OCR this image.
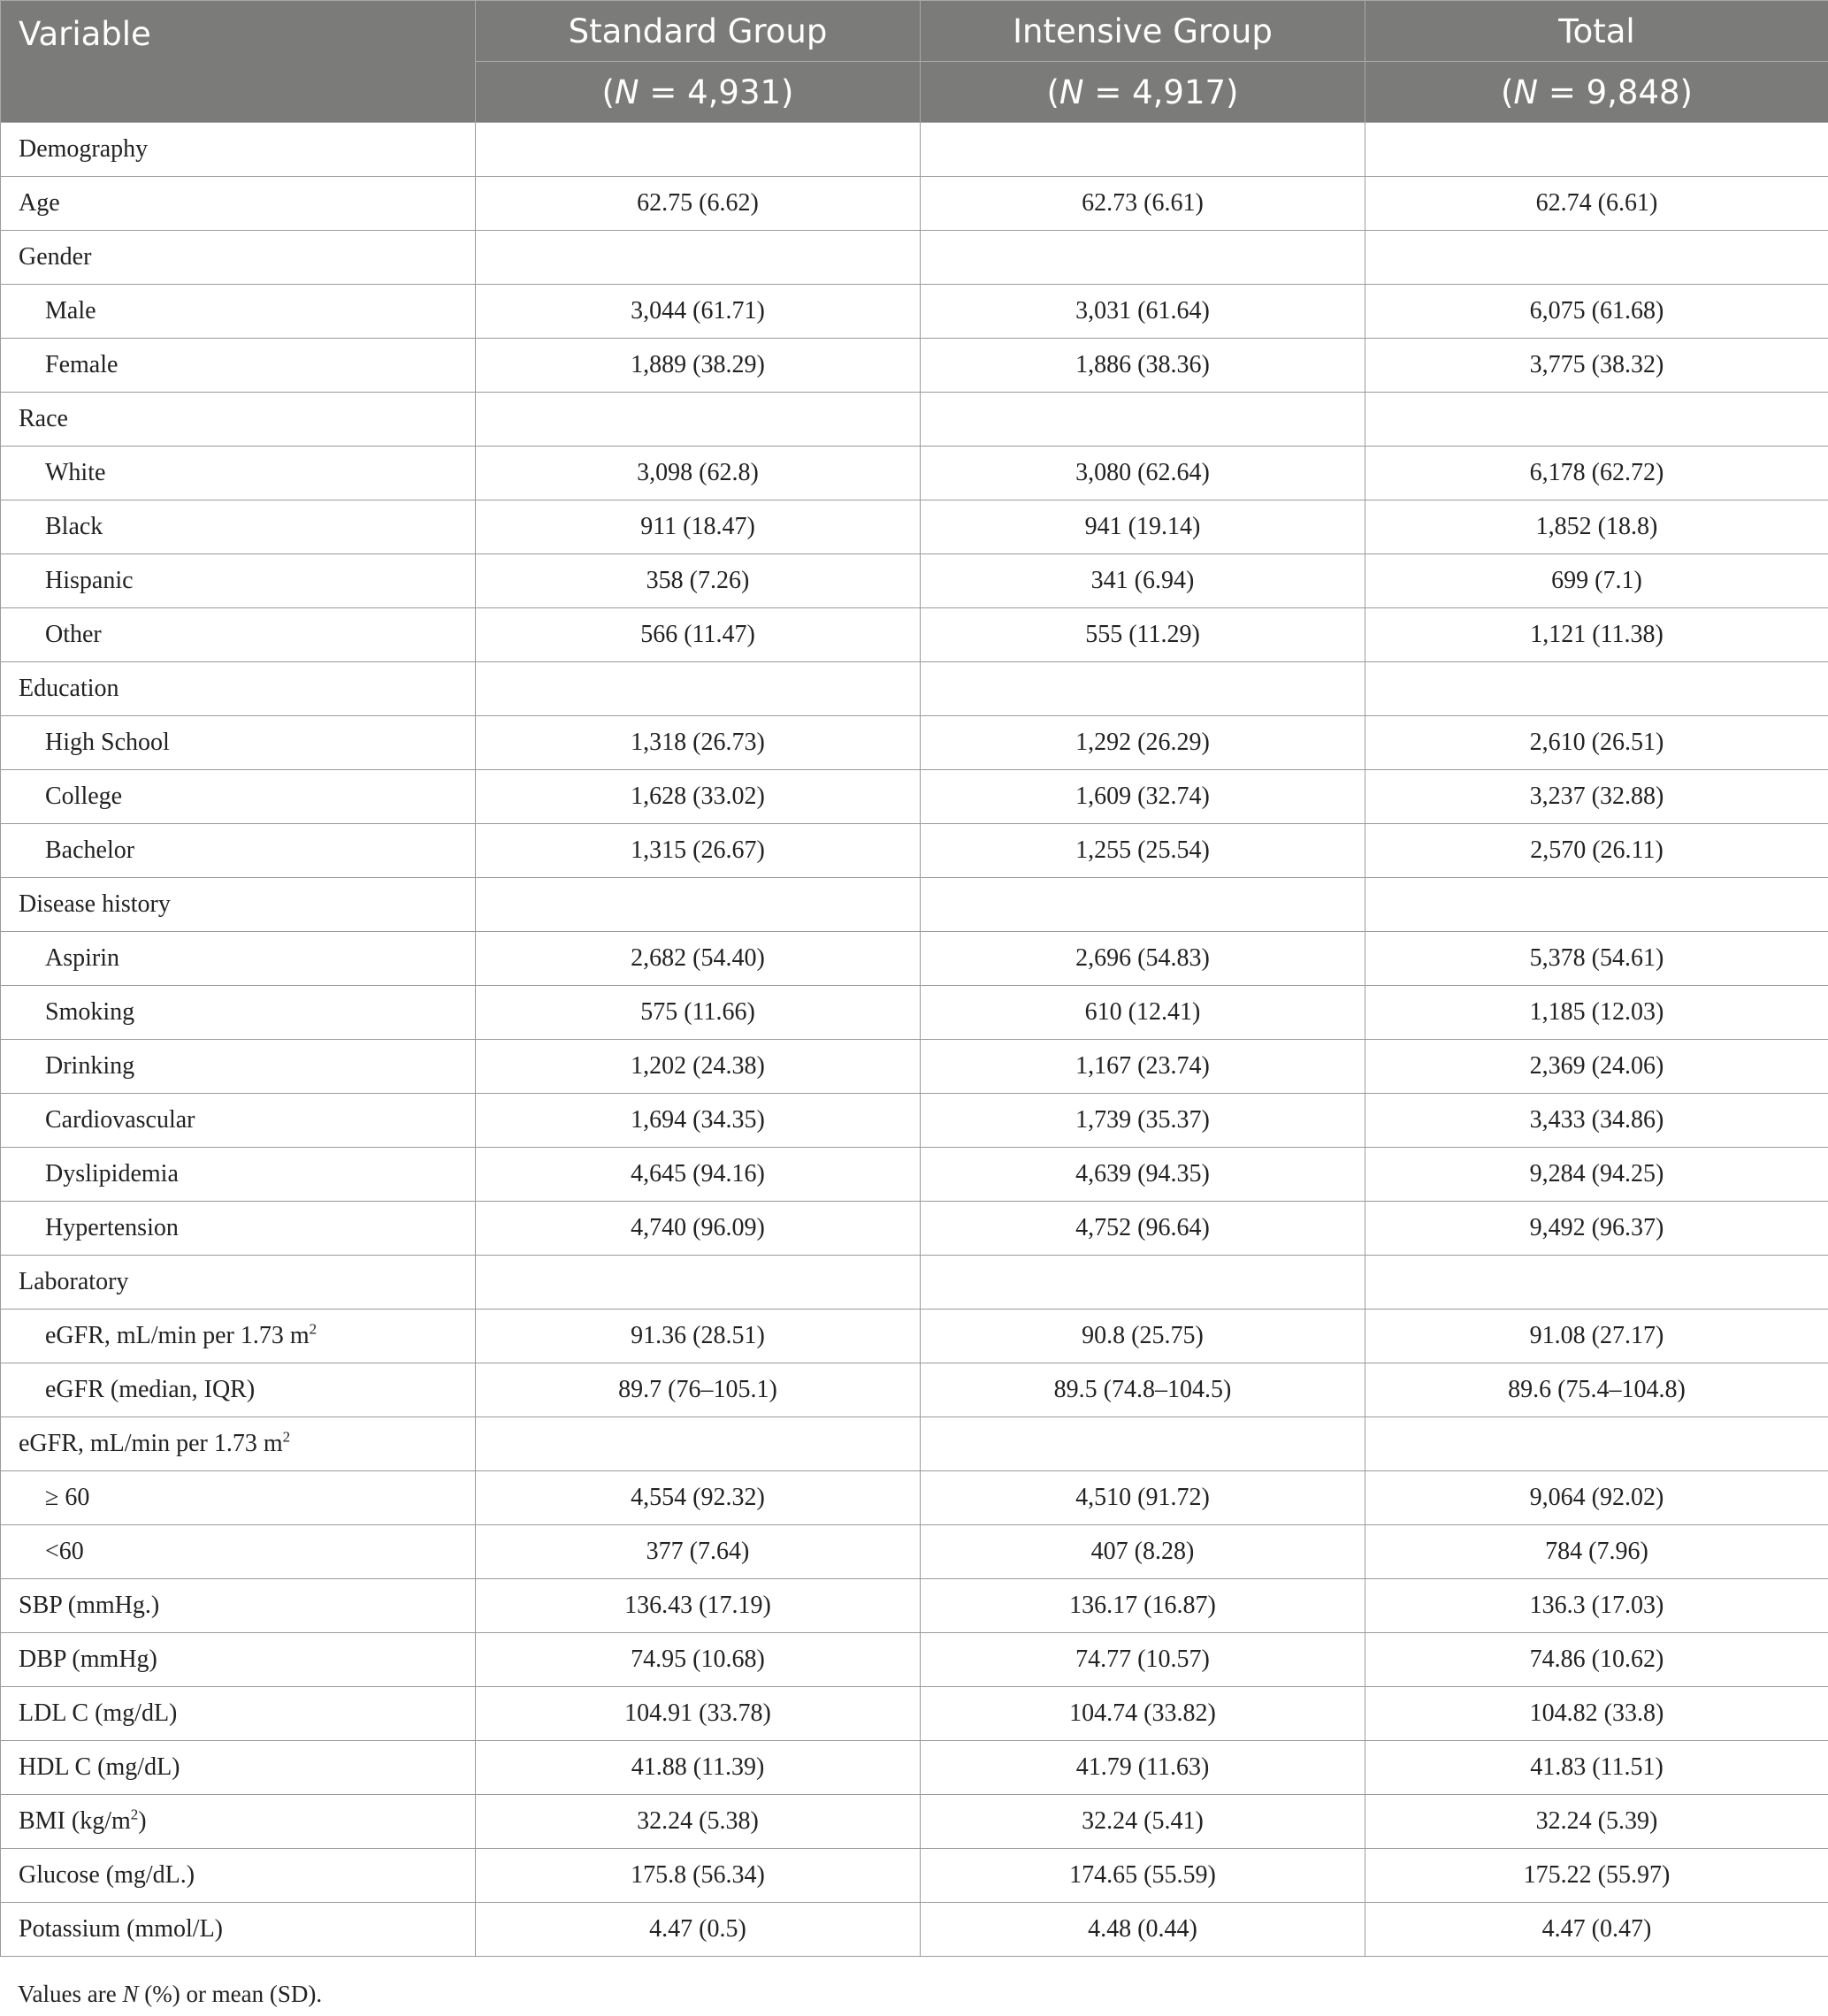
Variable	Standard Group	Intensive Group	Total
	(N = 4,931)	(N = 4,917)	(N = 9,848)
Demography			
Age	62.75 (6.62)	62.73 (6.61)	62.74 (6.61)
Gender			
Male	3,044 (61.71)	3,031 (61.64)	6,075 (61.68)
Female	1,889 (38.29)	1,886 (38.36)	3,775 (38.32)
Race			
White	3,098 (62.8)	3,080 (62.64)	6,178 (62.72)
Black	911 (18.47)	941 (19.14)	1,852 (18.8)
Hispanic	358 (7.26)	341 (6.94)	699 (7.1)
Other	566 (11.47)	555 (11.29)	1,121 (11.38)
Education			
High School	1,318 (26.73)	1,292 (26.29)	2,610 (26.51)
College	1,628 (33.02)	1,609 (32.74)	3,237 (32.88)
Bachelor	1,315 (26.67)	1,255 (25.54)	2,570 (26.11)
Disease history			
Aspirin	2,682 (54.40)	2,696 (54.83)	5,378 (54.61)
Smoking	575 (11.66)	610 (12.41)	1,185 (12.03)
Drinking	1,202 (24.38)	1,167 (23.74)	2,369 (24.06)
Cardiovascular	1,694 (34.35)	1,739 (35.37)	3,433 (34.86)
Dyslipidemia	4,645 (94.16)	4,639 (94.35)	9,284 (94.25)
Hypertension	4,740 (96.09)	4,752 (96.64)	9,492 (96.37)
Laboratory			
eGFR, mL/min per 1.73 $m^2$	91.36 (28.51)	90.8 (25.75)	91.08 (27.17)
eGFR (median, IQR)	89.7 (76–105.1)	89.5 (74.8–104.5)	89.6 (75.4–104.8)
eGFR, mL/min per 1.73 $m^2$			
≥ 60	4,554 (92.32)	4,510 (91.72)	9,064 (92.02)
<60	377 (7.64)	407 (8.28)	784 (7.96)
SBP (mmHg.)	136.43 (17.19)	136.17 (16.87)	136.3 (17.03)
DBP (mmHg)	74.95 (10.68)	74.77 (10.57)	74.86 (10.62)
LDL C (mg/dL)	104.91 (33.78)	104.74 (33.82)	104.82 (33.8)
HDL C (mg/dL)	41.88 (11.39)	41.79 (11.63)	41.83 (11.51)
BMI $(kg/m^2)$	32.24 (5.38)	32.24 (5.41)	32.24 (5.39)
Glucose (mg/dL.)	175.8 (56.34)	174.65 (55.59)	175.22 (55.97)
Potassium (mmol/L)	4.47 (0.5)	4.48 (0.44)	4.47 (0.47)
Values are N (%) or mean (SD).
